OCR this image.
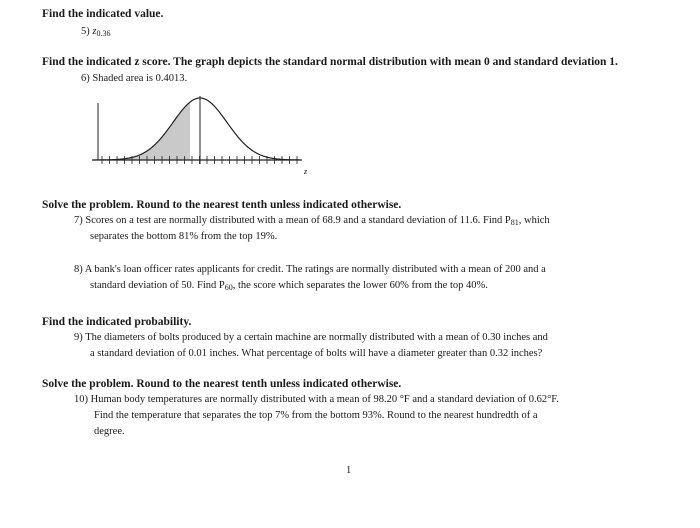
Find the indicated value.
5) z0.36
Find the indicated z score. The graph depicts the standard normal distribution with mean 0 and standard deviation 1.
6) Shaded area is 0.4013.
z
Solve the problem. Round to the nearest tenth unless indicated otherwise.
7) Scores on a test are normally distributed with a mean of 68.9 and a standard deviation of 11.6. Find P81, which
separates the bottom 81% from the top 19%.
8) A bank's loan officer rates applicants for credit. The ratings are normally distributed with a mean of 200 and a
standard deviation of 50. Find P60, the score which separates the lower 60% from the top 40%.
Find the indicated probability.
9) The diameters of bolts produced by a certain machine are normally distributed with a mean of 0.30 inches and
a standard deviation of 0.01 inches. What percentage of bolts will have a diameter greater than 0.32 inches?
Solve the problem. Round to the nearest tenth unless indicated otherwise.
10) Human body temperatures are normally distributed with a mean of 98.20 °F and a standard deviation of 0.62°F.
Find the temperature that separates the top 7% from the bottom 93%. Round to the nearest hundredth of a
degree.
1
